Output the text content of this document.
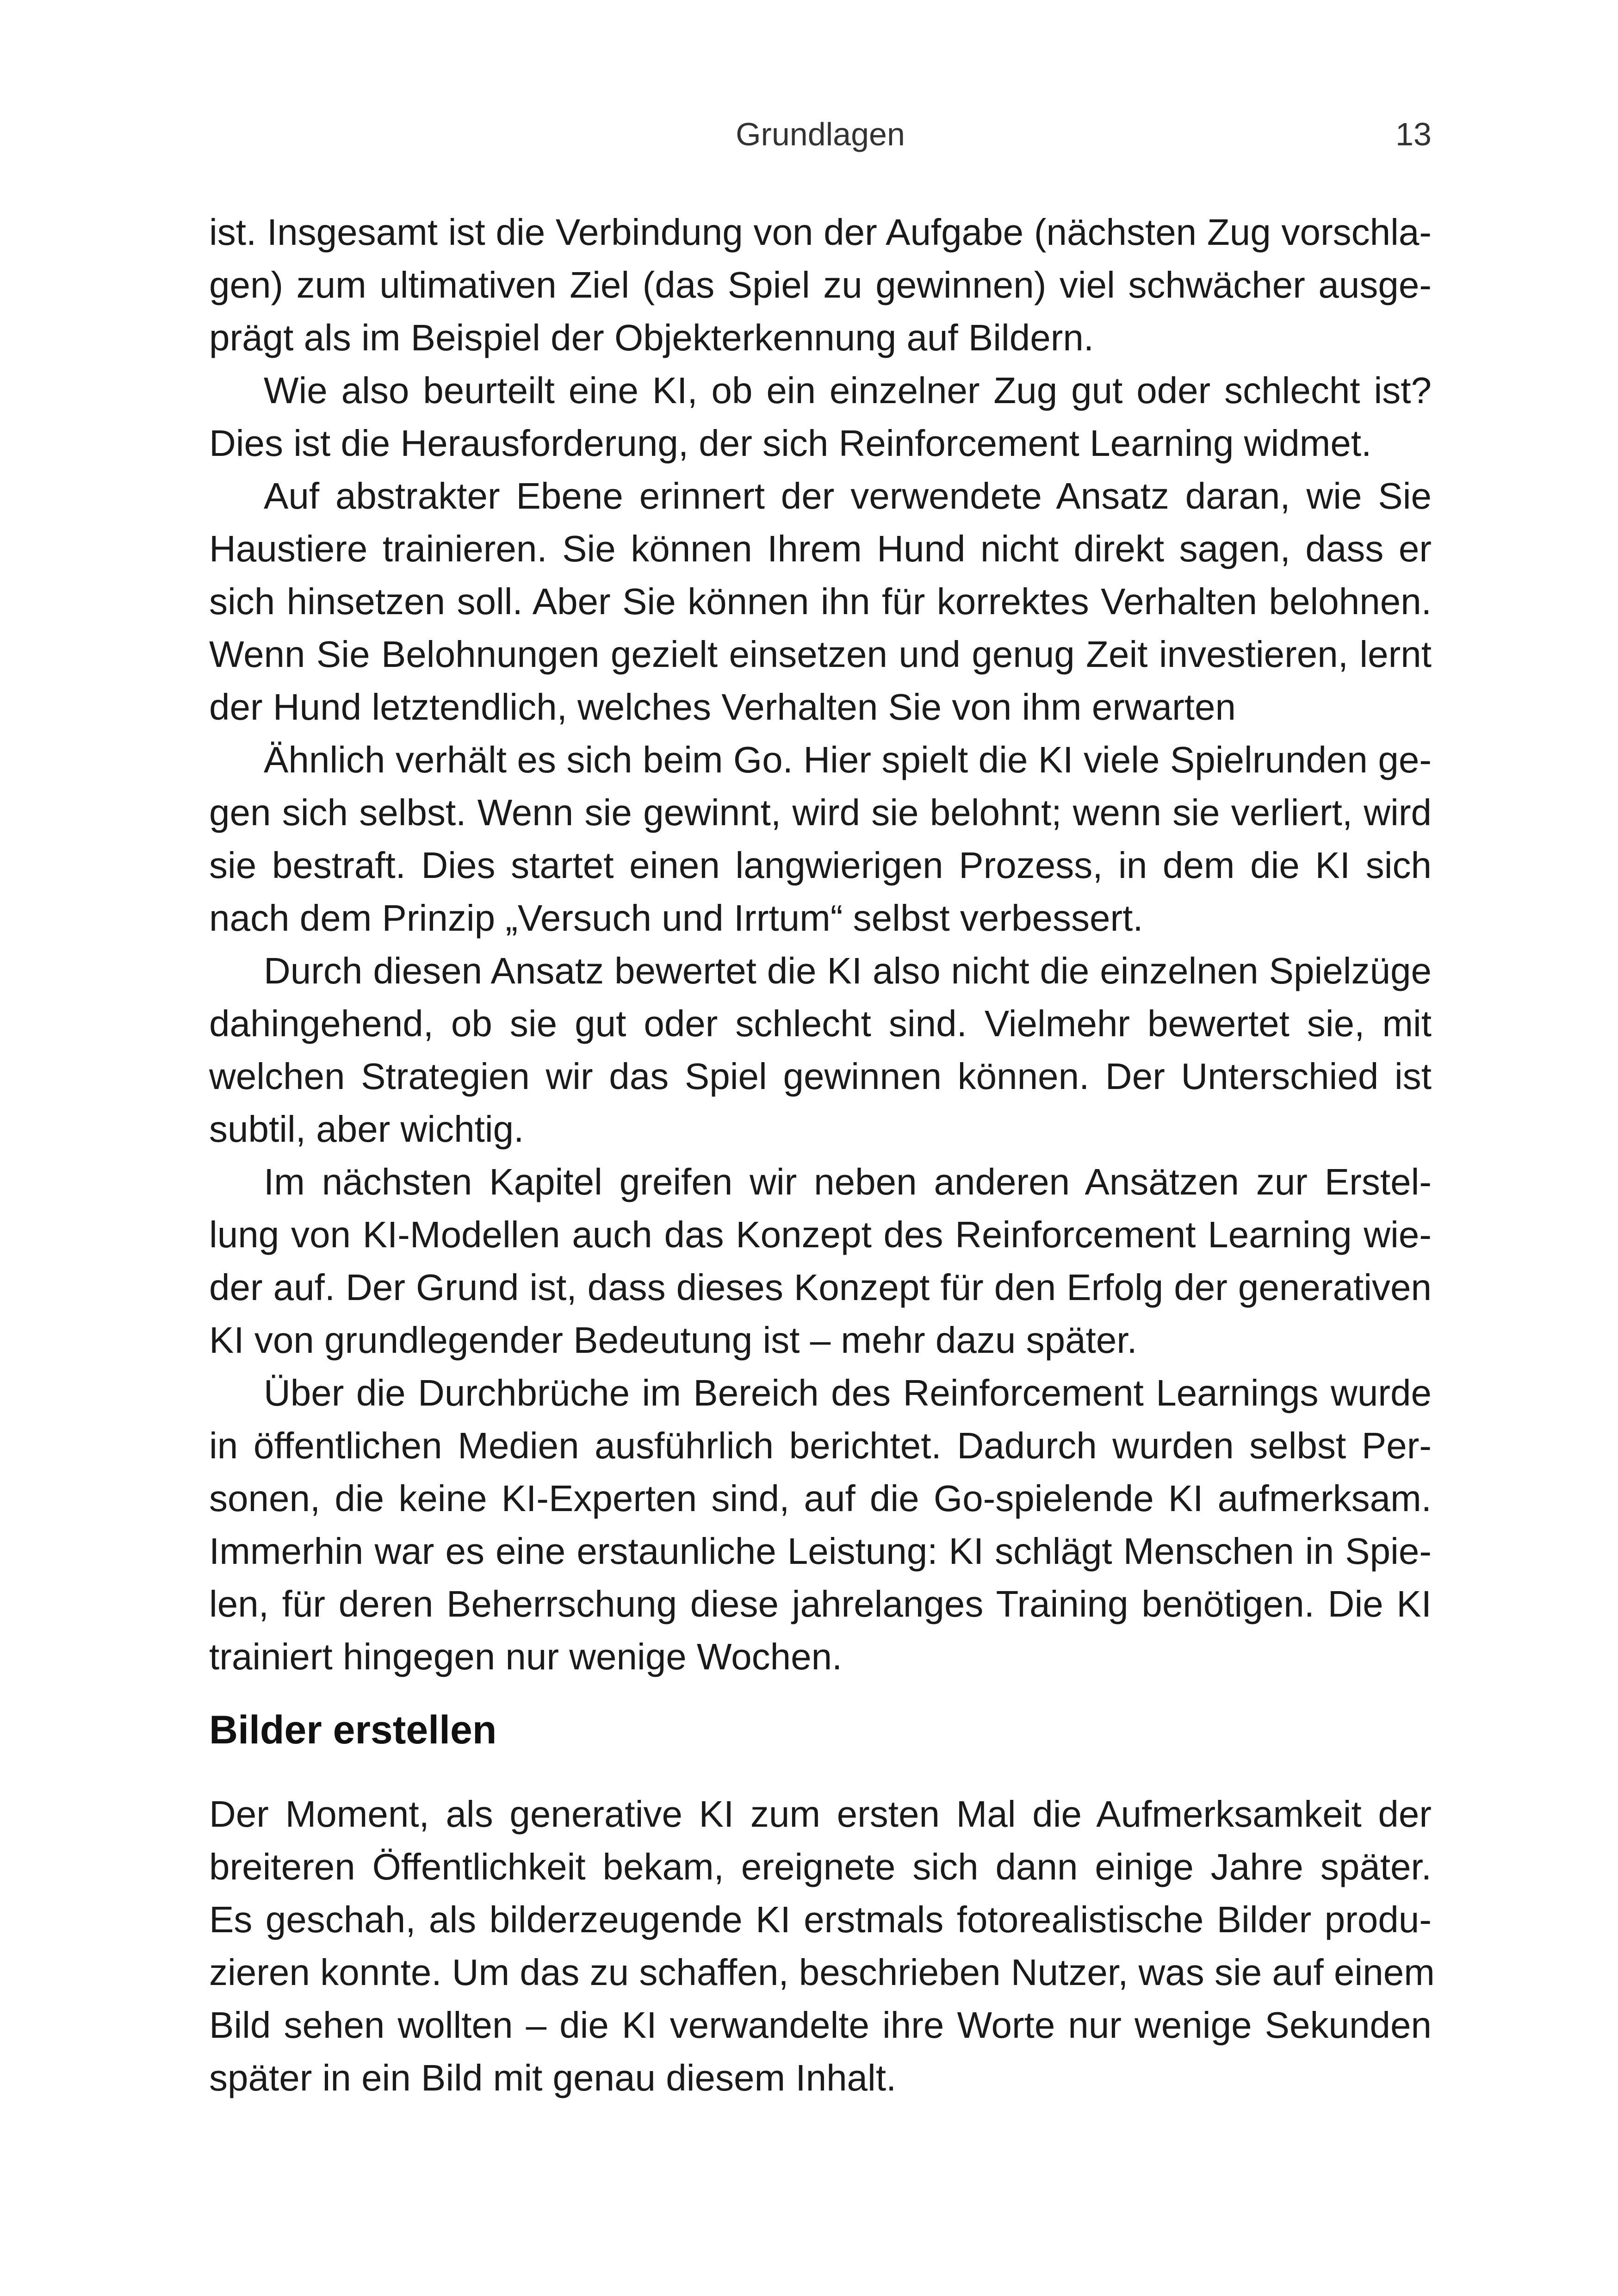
Grundlagen	13
ist. Insgesamt ist die Verbindung von der Aufgabe (nächsten Zug vorschla-
gen) zum ultimativen Ziel (das Spiel zu gewinnen) viel schwächer ausge-
prägt als im Beispiel der Objekterkennung auf Bildern.
Wie also beurteilt eine KI, ob ein einzelner Zug gut oder schlecht ist?
Dies ist die Herausforderung, der sich Reinforcement Learning widmet.
Auf abstrakter Ebene erinnert der verwendete Ansatz daran, wie Sie
Haustiere trainieren. Sie können Ihrem Hund nicht direkt sagen, dass er
sich hinsetzen soll. Aber Sie können ihn für korrektes Verhalten belohnen.
Wenn Sie Belohnungen gezielt einsetzen und genug Zeit investieren, lernt
der Hund letztendlich, welches Verhalten Sie von ihm erwarten
Ähnlich verhält es sich beim Go. Hier spielt die KI viele Spielrunden ge-
gen sich selbst. Wenn sie gewinnt, wird sie belohnt; wenn sie verliert, wird
sie bestraft. Dies startet einen langwierigen Prozess, in dem die KI sich
nach dem Prinzip „Versuch und Irrtum“ selbst verbessert.
Durch diesen Ansatz bewertet die KI also nicht die einzelnen Spielzüge
dahingehend, ob sie gut oder schlecht sind. Vielmehr bewertet sie, mit
welchen Strategien wir das Spiel gewinnen können. Der Unterschied ist
subtil, aber wichtig.
Im nächsten Kapitel greifen wir neben anderen Ansätzen zur Erstel-
lung von KI-Modellen auch das Konzept des Reinforcement Learning wie-
der auf. Der Grund ist, dass dieses Konzept für den Erfolg der generativen
KI von grundlegender Bedeutung ist – mehr dazu später.
Über die Durchbrüche im Bereich des Reinforcement Learnings wurde
in öffentlichen Medien ausführlich berichtet. Dadurch wurden selbst Per-
sonen, die keine KI-Experten sind, auf die Go-spielende KI aufmerksam.
Immerhin war es eine erstaunliche Leistung: KI schlägt Menschen in Spie-
len, für deren Beherrschung diese jahrelanges Training benötigen. Die KI
trainiert hingegen nur wenige Wochen.
Bilder erstellen
Der Moment, als generative KI zum ersten Mal die Aufmerksamkeit der
breiteren Öffentlichkeit bekam, ereignete sich dann einige Jahre später.
Es geschah, als bilderzeugende KI erstmals fotorealistische Bilder produ-
zieren konnte. Um das zu schaffen, beschrieben Nutzer, was sie auf einem
Bild sehen wollten – die KI verwandelte ihre Worte nur wenige Sekunden
später in ein Bild mit genau diesem Inhalt.
